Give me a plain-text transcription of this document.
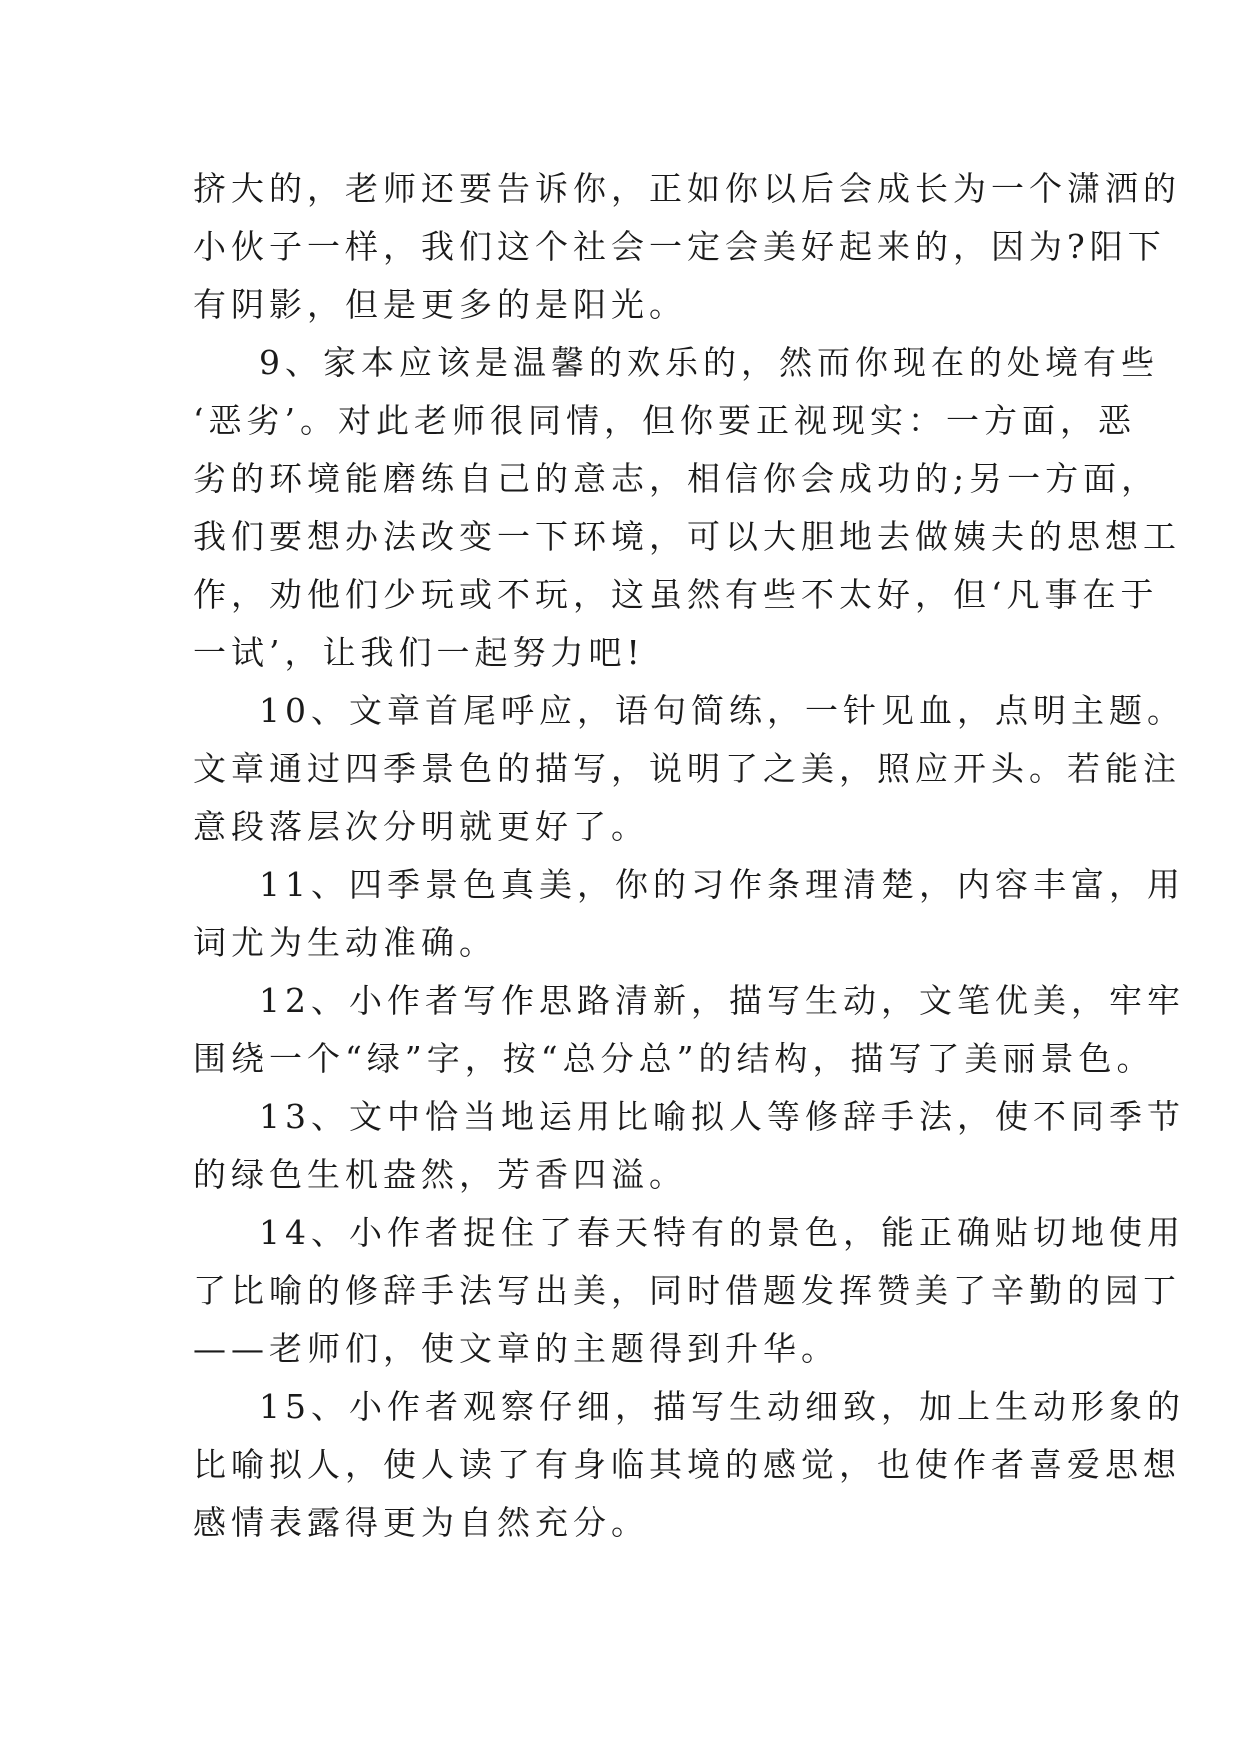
挤大的，老师还要告诉你，正如你以后会成长为一个潇洒的
小伙子一样，我们这个社会一定会美好起来的，因为?阳下
有阴影，但是更多的是阳光。
9、家本应该是温馨的欢乐的，然而你现在的处境有些
‘恶劣’。对此老师很同情，但你要正视现实：一方面，恶
劣的环境能磨练自己的意志，相信你会成功的;另一方面，
我们要想办法改变一下环境，可以大胆地去做姨夫的思想工
作，劝他们少玩或不玩，这虽然有些不太好，但‘凡事在于
一试’，让我们一起努力吧!
10、文章首尾呼应，语句简练，一针见血，点明主题。
文章通过四季景色的描写，说明了之美，照应开头。若能注
意段落层次分明就更好了。
11、四季景色真美，你的习作条理清楚，内容丰富，用
词尤为生动准确。
12、小作者写作思路清新，描写生动，文笔优美，牢牢
围绕一个“绿”字，按“总分总”的结构，描写了美丽景色。
13、文中恰当地运用比喻拟人等修辞手法，使不同季节
的绿色生机盎然，芳香四溢。
14、小作者捉住了春天特有的景色，能正确贴切地使用
了比喻的修辞手法写出美，同时借题发挥赞美了辛勤的园丁
——老师们，使文章的主题得到升华。
15、小作者观察仔细，描写生动细致，加上生动形象的
比喻拟人，使人读了有身临其境的感觉，也使作者喜爱思想
感情表露得更为自然充分。
